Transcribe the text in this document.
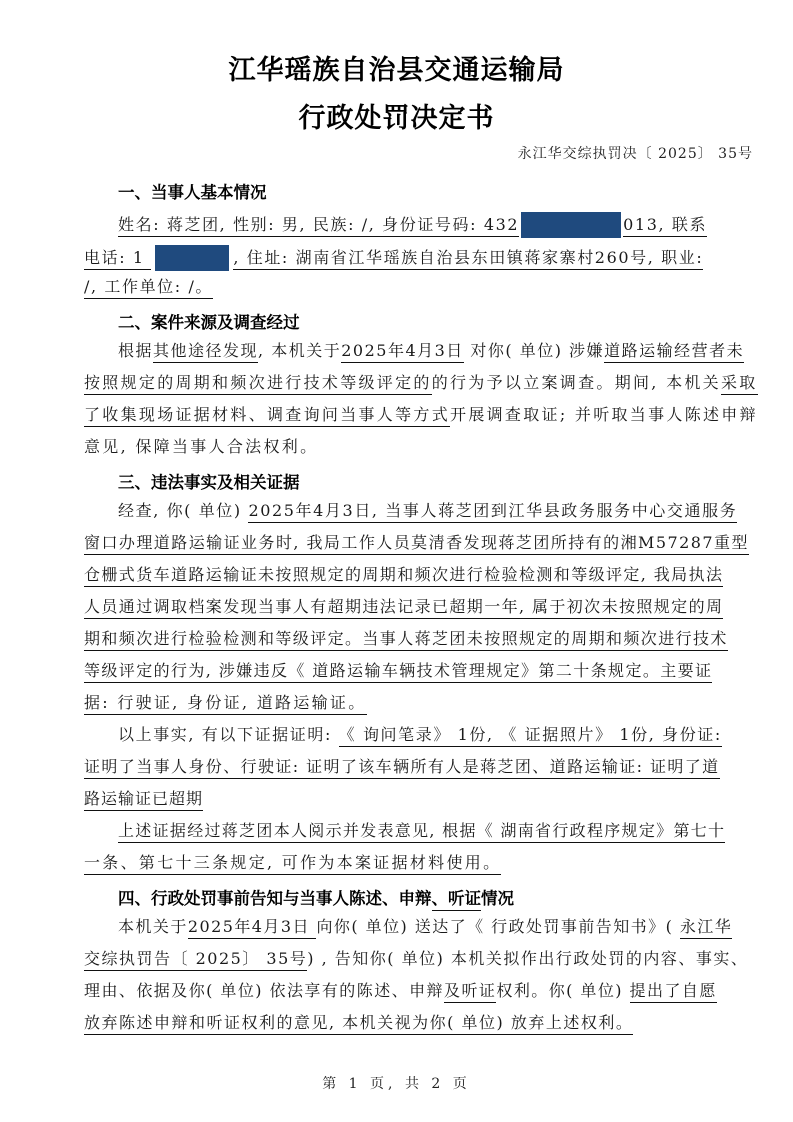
江华瑶族自治县交通运输局
行政处罚决定书
永江华交综执罚决〔 2025〕 35号
一、当事人基本情况
姓名: 蒋芝团, 性别: 男, 民族: /, 身份证号码: 432	013, 联系
电话: 1	, 住址: 湖南省江华瑶族自治县东田镇蒋家寨村260号, 职业:
/, 工作单位: /。
二、案件来源及调查经过
根据其他途径发现, 本机关于2025年4月3日 对你( 单位) 涉嫌道路运输经营者未
按照规定的周期和频次进行技术等级评定的的行为予以立案调查。期间, 本机关采取
了收集现场证据材料、调查询问当事人等方式开展调查取证; 并听取当事人陈述申辩
意见, 保障当事人合法权利。
三、违法事实及相关证据
经查, 你( 单位) 2025年4月3日, 当事人蒋芝团到江华县政务服务中心交通服务
窗口办理道路运输证业务时, 我局工作人员莫清香发现蒋芝团所持有的湘M57287重型
仓栅式货车道路运输证未按照规定的周期和频次进行检验检测和等级评定, 我局执法
人员通过调取档案发现当事人有超期违法记录已超期一年, 属于初次未按照规定的周
期和频次进行检验检测和等级评定。当事人蒋芝团未按照规定的周期和频次进行技术
等级评定的行为, 涉嫌违反《 道路运输车辆技术管理规定》第二十条规定。主要证
据: 行驶证, 身份证, 道路运输证。
以上事实, 有以下证据证明: 《 询问笔录》 1份, 《 证据照片》 1份, 身份证:
证明了当事人身份、行驶证: 证明了该车辆所有人是蒋芝团、道路运输证: 证明了道
路运输证已超期
上述证据经过蒋芝团本人阅示并发表意见, 根据《 湖南省行政程序规定》第七十
一条、第七十三条规定, 可作为本案证据材料使用。
四、行政处罚事前告知与当事人陈述、申辩、听证情况
本机关于2025年4月3日 向你( 单位) 送达了《 行政处罚事前告知书》( 永江华
交综执罚告〔 2025〕 35号) , 告知你( 单位) 本机关拟作出行政处罚的内容、事实、
理由、依据及你( 单位) 依法享有的陈述、申辩及听证权利。你( 单位) 提出了自愿
放弃陈述申辩和听证权利的意见, 本机关视为你( 单位) 放弃上述权利。
第 1 页, 共 2 页
